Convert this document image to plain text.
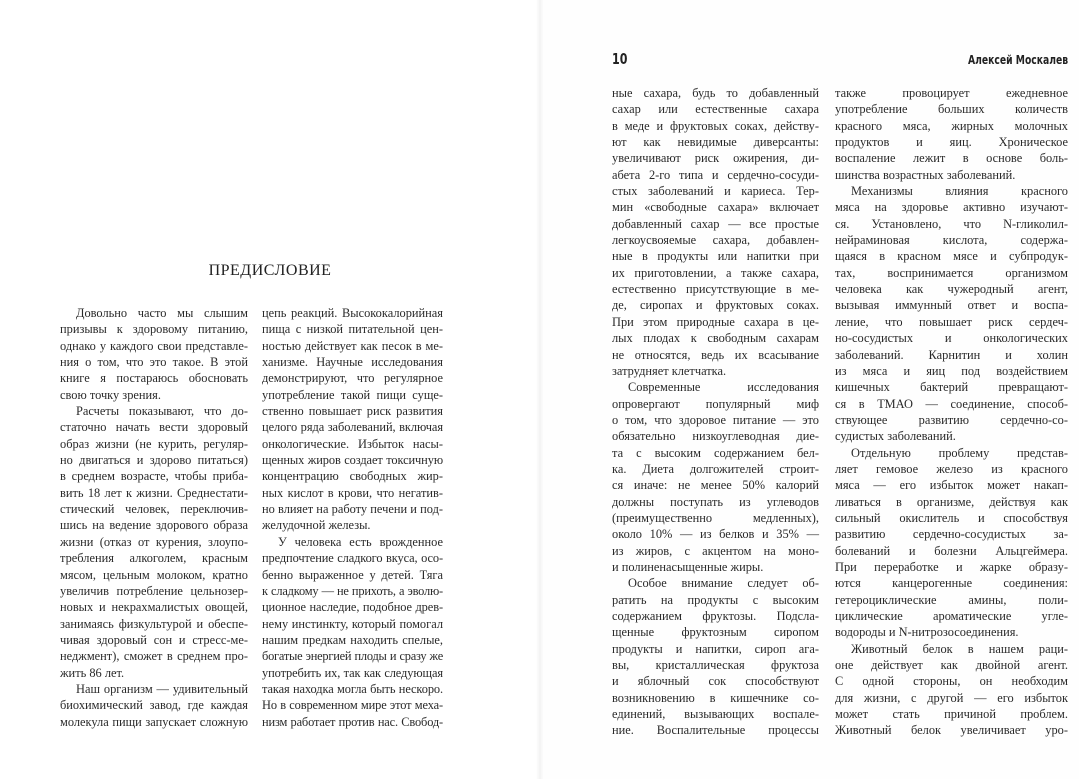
ПРЕДИСЛОВИЕ
10	Алексей Москалев
Довольно часто мы слышим
призывы к здоровому питанию,
однако у каждого свои представле-
ния о том, что это такое. В этой
книге я постараюсь обосновать
свою точку зрения.
Расчеты показывают, что до-
статочно начать вести здоровый
образ жизни (не курить, регуляр-
но двигаться и здорово питаться)
в среднем возрасте, чтобы приба-
вить 18 лет к жизни. Среднестати-
стический человек, переключив-
шись на ведение здорового образа
жизни (отказ от курения, злоупо-
требления алкоголем, красным
мясом, цельным молоком, кратно
увеличив потребление цельнозер-
новых и некрахмалистых овощей,
занимаясь физкультурой и обеспе-
чивая здоровый сон и стресс-ме-
неджмент), сможет в среднем про-
жить 86 лет.
Наш организм — удивительный
биохимический завод, где каждая
молекула пищи запускает сложную
цепь реакций. Высококалорийная
пища с низкой питательной цен-
ностью действует как песок в ме-
ханизме. Научные исследования
демонстрируют, что регулярное
употребление такой пищи суще-
ственно повышает риск развития
целого ряда заболеваний, включая
онкологические. Избыток насы-
щенных жиров создает токсичную
концентрацию свободных жир-
ных кислот в крови, что негатив-
но влияет на работу печени и под-
желудочной железы.
У человека есть врожденное
предпочтение сладкого вкуса, осо-
бенно выраженное у детей. Тяга
к сладкому — не прихоть, а эволю-
ционное наследие, подобное древ-
нему инстинкту, который помогал
нашим предкам находить спелые,
богатые энергией плоды и сразу же
употребить их, так как следующая
такая находка могла быть нескоро.
Но в современном мире этот меха-
низм работает против нас. Свобод-
ные сахара, будь то добавленный
сахар или естественные сахара
в меде и фруктовых соках, действу-
ют как невидимые диверсанты:
увеличивают риск ожирения, ди-
абета 2-го типа и сердечно-сосуди-
стых заболеваний и кариеса. Тер-
мин «свободные сахара» включает
добавленный сахар — все простые
легкоусвояемые сахара, добавлен-
ные в продукты или напитки при
их приготовлении, а также сахара,
естественно присутствующие в ме-
де, сиропах и фруктовых соках.
При этом природные сахара в це-
лых плодах к свободным сахарам
не относятся, ведь их всасывание
затрудняет клетчатка.
Современные исследования
опровергают популярный миф
о том, что здоровое питание — это
обязательно низкоуглеводная дие-
та с высоким содержанием бел-
ка. Диета долгожителей строит-
ся иначе: не менее 50% калорий
должны поступать из углеводов
(преимущественно медленных),
около 10% — из белков и 35% —
из жиров, с акцентом на моно-
и полиненасыщенные жиры.
Особое внимание следует об-
ратить на продукты с высоким
содержанием фруктозы. Подсла-
щенные фруктозным сиропом
продукты и напитки, сироп ага-
вы, кристаллическая фруктоза
и яблочный сок способствуют
возникновению в кишечнике со-
единений, вызывающих воспале-
ние. Воспалительные процессы
также провоцирует ежедневное
употребление больших количеств
красного мяса, жирных молочных
продуктов и яиц. Хроническое
воспаление лежит в основе боль-
шинства возрастных заболеваний.
Механизмы влияния красного
мяса на здоровье активно изучают-
ся. Установлено, что N-гликолил-
нейраминовая кислота, содержа-
щаяся в красном мясе и субпродук-
тах, воспринимается организмом
человека как чужеродный агент,
вызывая иммунный ответ и воспа-
ление, что повышает риск сердеч-
но-сосудистых и онкологических
заболеваний. Карнитин и холин
из мяса и яиц под воздействием
кишечных бактерий превращают-
ся в ТМАО — соединение, способ-
ствующее развитию сердечно-со-
судистых заболеваний.
Отдельную проблему представ-
ляет гемовое железо из красного
мяса — его избыток может накап-
ливаться в организме, действуя как
сильный окислитель и способствуя
развитию сердечно-сосудистых за-
болеваний и болезни Альцгеймера.
При переработке и жарке образу-
ются канцерогенные соединения:
гетероциклические амины, поли-
циклические ароматические угле-
водороды и N-нитрозосоединения.
Животный белок в нашем раци-
оне действует как двойной агент.
С одной стороны, он необходим
для жизни, с другой — его избыток
может стать причиной проблем.
Животный белок увеличивает уро-
